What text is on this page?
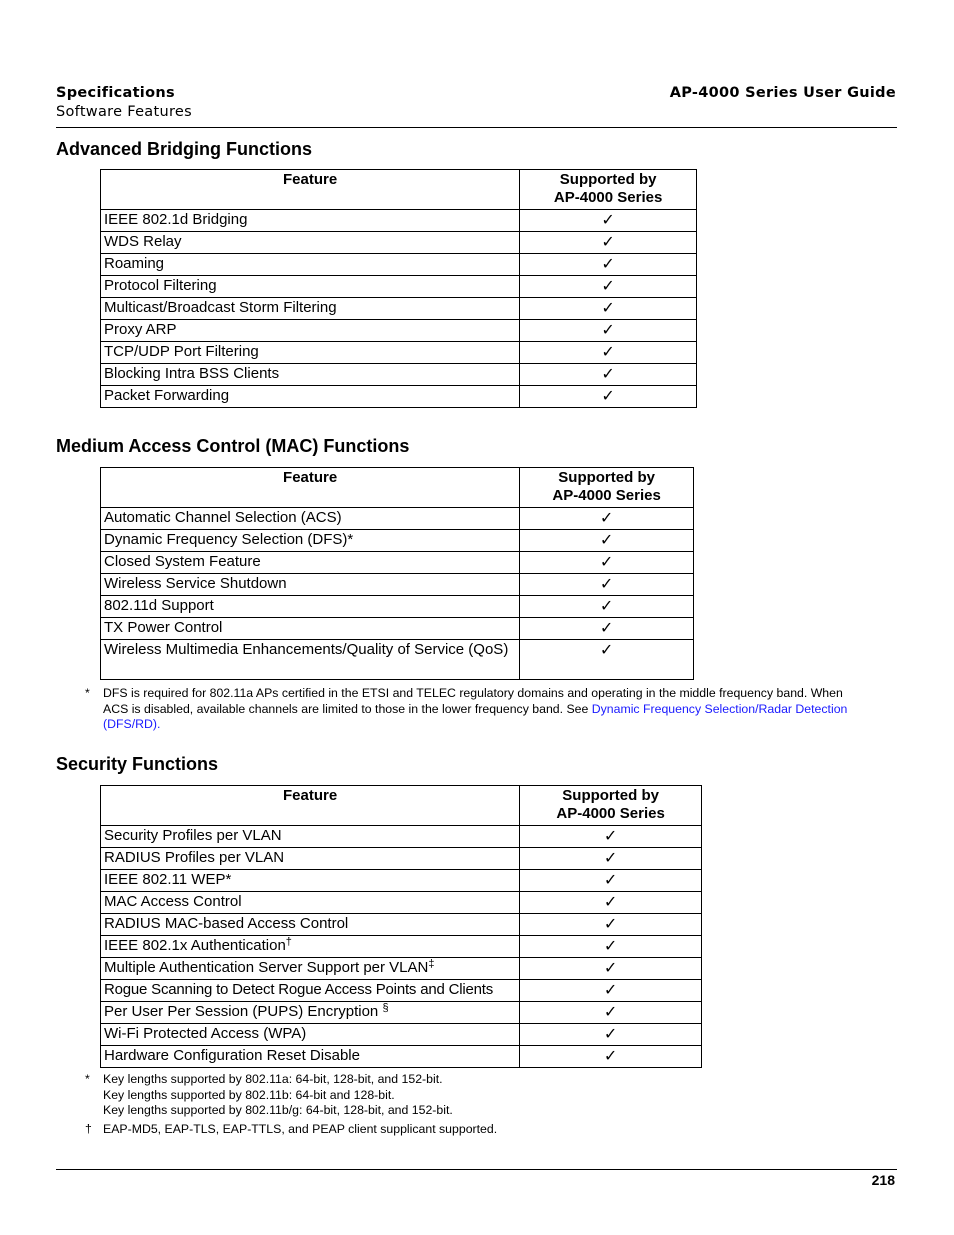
Specifications
Software Features
AP-4000 Series User Guide
Advanced Bridging Functions
Feature	Supported by
AP-4000 Series
IEEE 802.1d Bridging	✓
WDS Relay	✓
Roaming	✓
Protocol Filtering	✓
Multicast/Broadcast Storm Filtering	✓
Proxy ARP	✓
TCP/UDP Port Filtering	✓
Blocking Intra BSS Clients	✓
Packet Forwarding	✓
Medium Access Control (MAC) Functions
Feature	Supported by
AP-4000 Series
Automatic Channel Selection (ACS)	✓
Dynamic Frequency Selection (DFS)*	✓
Closed System Feature	✓
Wireless Service Shutdown	✓
802.11d Support	✓
TX Power Control	✓
Wireless Multimedia Enhancements/Quality of Service (QoS)	✓
* DFS is required for 802.11a APs certified in the ETSI and TELEC regulatory domains and operating in the middle frequency band. When ACS is disabled, available channels are limited to those in the lower frequency band. See Dynamic Frequency Selection/Radar Detection (DFS/RD).
Security Functions
Feature	Supported by
AP-4000 Series
Security Profiles per VLAN	✓
RADIUS Profiles per VLAN	✓
IEEE 802.11 WEP*	✓
MAC Access Control	✓
RADIUS MAC-based Access Control	✓
IEEE 802.1x Authentication†	✓
Multiple Authentication Server Support per VLAN‡	✓
Rogue Scanning to Detect Rogue Access Points and Clients	✓
Per User Per Session (PUPS) Encryption §	✓
Wi-Fi Protected Access (WPA)	✓
Hardware Configuration Reset Disable	✓
* Key lengths supported by 802.11a: 64-bit, 128-bit, and 152-bit.
Key lengths supported by 802.11b: 64-bit and 128-bit.
Key lengths supported by 802.11b/g: 64-bit, 128-bit, and 152-bit.
† EAP-MD5, EAP-TLS, EAP-TTLS, and PEAP client supplicant supported.
218
